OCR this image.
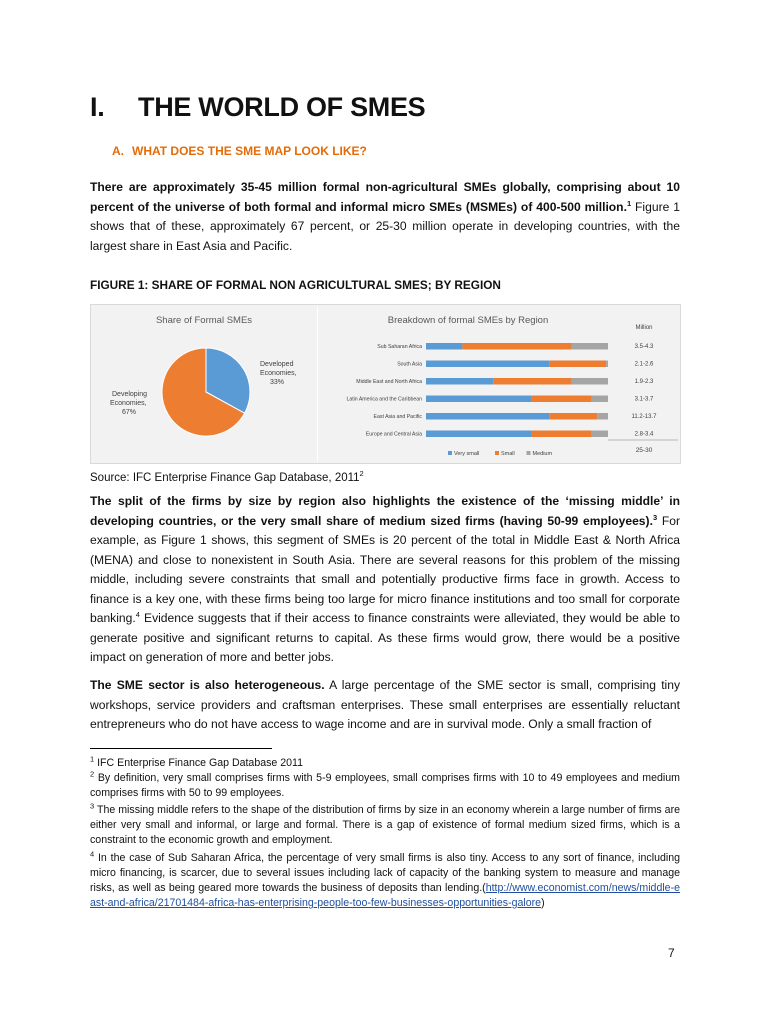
I. THE WORLD OF SMES
A. WHAT DOES THE SME MAP LOOK LIKE?

There are approximately 35-45 million formal non-agricultural SMEs globally, comprising about 10 percent of the universe of both formal and informal micro SMEs (MSMEs) of 400-500 million.$^1$ Figure 1 shows that of these, approximately 67 percent, or 25-30 million operate in developing countries, with the largest share in East Asia and Pacific.

FIGURE 1: SHARE OF FORMAL NON AGRICULTURAL SMES; BY REGION
Share of Formal SMEs
Developed Economies, 33%
Developing Economies, 67%
Breakdown of formal SMEs by Region
Million
Sub Saharan Africa	3.5-4.3
South Asia	2.1-2.6
Middle East and North Africa	1.9-2.3
Latin America and the Caribbean	3.1-3.7
East Asia and Pacific	11.2-13.7
Europe and Central Asia	2.8-3.4
25-30
Very small	Small	Medium
Source: IFC Enterprise Finance Gap Database, 2011$^2$

The split of the firms by size by region also highlights the existence of the ‘missing middle’ in developing countries, or the very small share of medium sized firms (having 50-99 employees).$^3$ For example, as Figure 1 shows, this segment of SMEs is 20 percent of the total in Middle East & North Africa (MENA) and close to nonexistent in South Asia. There are several reasons for this problem of the missing middle, including severe constraints that small and potentially productive firms face in growth. Access to finance is a key one, with these firms being too large for micro finance institutions and too small for corporate banking.$^4$ Evidence suggests that if their access to finance constraints were alleviated, they would be able to generate positive and significant returns to capital. As these firms would grow, there would be a positive impact on generation of more and better jobs.

The SME sector is also heterogeneous. A large percentage of the SME sector is small, comprising tiny workshops, service providers and craftsman enterprises. These small enterprises are essentially reluctant entrepreneurs who do not have access to wage income and are in survival mode. Only a small fraction of

$^1$ IFC Enterprise Finance Gap Database 2011
$^2$ By definition, very small comprises firms with 5-9 employees, small comprises firms with 10 to 49 employees and medium comprises firms with 50 to 99 employees.
$^3$ The missing middle refers to the shape of the distribution of firms by size in an economy wherein a large number of firms are either very small and informal, or large and formal. There is a gap of existence of formal medium sized firms, which is a constraint to the economic growth and employment.
$^4$ In the case of Sub Saharan Africa, the percentage of very small firms is also tiny. Access to any sort of finance, including micro financing, is scarcer, due to several issues including lack of capacity of the banking system to measure and manage risks, as well as being geared more towards the business of deposits than lending.(http://www.economist.com/news/middle-east-and-africa/21701484-africa-has-enterprising-people-too-few-businesses-opportunities-galore)
7
